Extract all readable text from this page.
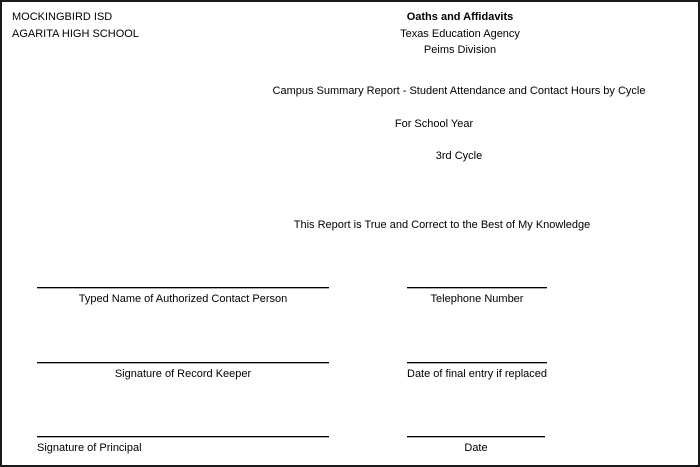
MOCKINGBIRD ISD
AGARITA HIGH SCHOOL
Oaths and Affidavits
Texas Education Agency
Peims Division
Campus Summary Report - Student Attendance and Contact Hours by Cycle
For School Year
3rd Cycle
This Report is True and Correct to the Best of My Knowledge
Typed Name of Authorized Contact Person	Telephone Number
Signature of Record Keeper	Date of final entry if replaced
Signature of Principal	Date
